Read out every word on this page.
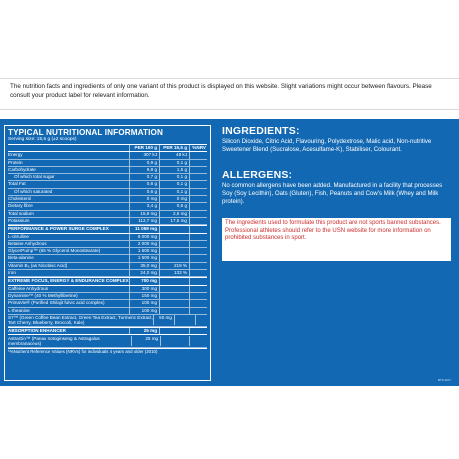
The nutrition facts and ingredients of only one variant of this product is displayed on this website. Slight variations might occur between flavours. Please consult your product label for relevant information.
TYPICAL NUTRITIONAL INFORMATION
Serving size: 15,5 g (±2 scoops)
PER 100 g	PER 15,5 g	%NRV
Energy	307 kJ	48 kJ
Protein	0,9 g	0,1 g
Carbohydrate	9,8 g	1,5 g
Of which total sugar	0,7 g	0,1 g
Total Fat	0,6 g	0,1 g
Of which saturated	0,6 g	0,1 g
Cholesterol	0 mg	0 mg
Dietary fibre	3,4 g	0,5 g
Total sodium	15,9 mg	2,5 mg
Potassium	112,7 mg	17,5 mg
PERFORMANCE & POWER SURGE COMPLEX	11 059 mg
L-citrulline	6 000 mg
Betaine Anhydrous	2 000 mg
GlycerPump™ (65 % Glycerol Monostearate)	1 500 mg
Beta-alanine	1 500 mg
Vitamin B₃ (as Nicotinic Acid)	35,0 mg	219 %
Iron	24,0 mg	133 %
EXTREME FOCUS, ENERGY & ENDURANCE COMPLEX	700 mg
Caffeine Anhydrous	300 mg
Dynamine™ (40 % Methylliberine)	150 mg
PrimaVie® (Purified Shilajit fulvic acid complex)	100 mg
L-theanine	100 mg
S7™ (Green Coffee Bean Extract, Green Tea Extract, Turmeric Extract, Tart Cherry, Blueberry, Broccoli, Kale)
50 mg
ABSORPTION ENHANCER	25 mg
AstraGin™ (Panax notoginseng & Astragalus membranaceus)
25 mg
*%Nutrient Reference Values (NRVs) for individuals 4 years and older (2010)
INGREDIENTS:
Silicon Dioxide, Citric Acid, Flavouring, Polydextrose, Malic acid, Non-nutritive Sweetener Blend (Sucralose, Acesulfame-K), Stabiliser, Colourant.
ALLERGENS:
No common allergens have been added. Manufactured in a facility that processes Soy (Soy Lecithin), Oats (Gluten), Fish, Peanuts and Cow’s Milk (Whey and Milk protein).
The ingredients used to formulate this product are not sports banned substances. Professional athletes should refer to the USN website for more information on prohibited substances in sport.
BTS-NUT
